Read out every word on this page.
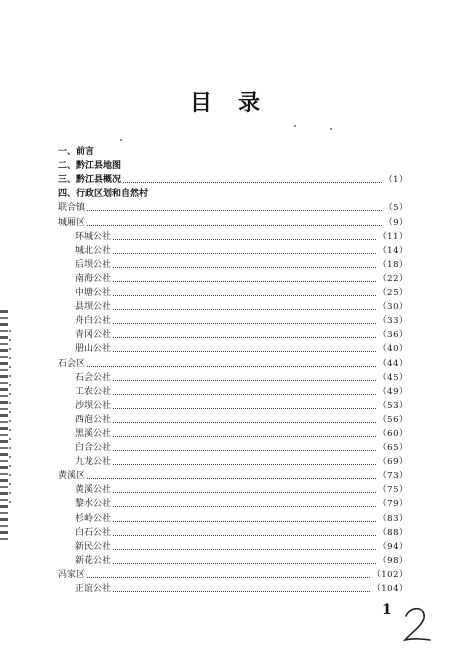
目录
一、前言
二、黔江县地图
三、黔江县概况	（1）
四、行政区划和自然村
联合镇	（5）
城厢区	（9）
环城公社	（11）
城北公社	（14）
后坝公社	（18）
南海公社	（22）
中塘公社	（25）
县坝公社	（30）
舟白公社	（33）
青冈公社	（36）
册山公社	（40）
石会区	（44）
石会公社	（45）
工农公社	（49）
沙坝公社	（53）
西泡公社	（56）
黑溪公社	（60）
白合公社	（65）
九龙公社	（69）
黄溪区	（73）
黄溪公社	（75）
黎水公社	（79）
杉岭公社	（83）
白石公社	（88）
新民公社	（94）
新花公社	（98）
冯家区	（102）
正谊公社	（104）
1
